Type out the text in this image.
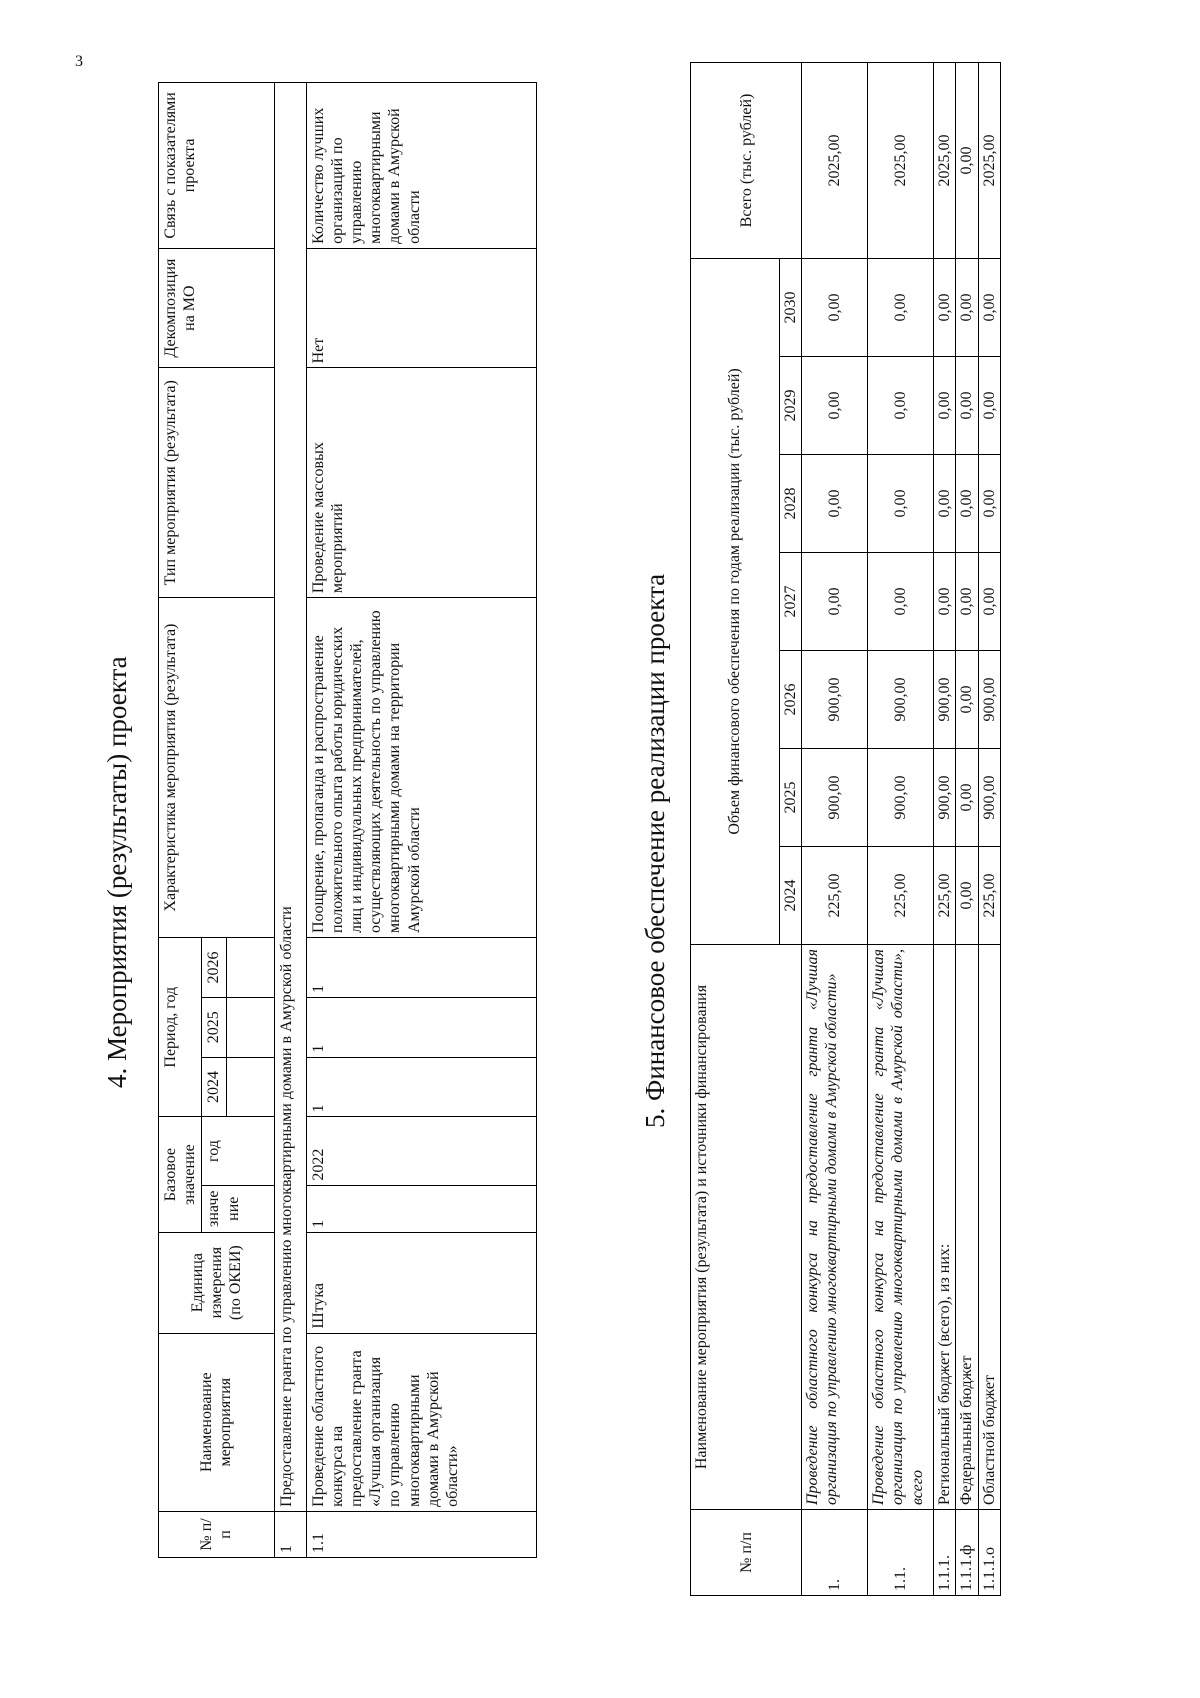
3
4. Мероприятия (результаты) проекта
№ п/п	Наименование мероприятия	Единица измерения (по ОКЕИ)	Базовое значение		Период, год			Характеристика мероприятия (результата)	Тип мероприятия (результата)	Декомпозиция на МО	Связь с показателями проекта
			значе ние	год	2024	2025	2026				

1	Предоставление гранта по управлению многоквартирными домами в Амурской области										
1.1	Проведение областного конкурса на предоставление гранта «Лучшая организация по управлению многоквартирными домами в Амурской области»	Штука	1	2022	1	1	1	Поощрение, пропаганда и распространение положительного опыта работы юридических лиц и индивидуальных предпринимателей, осуществляющих деятельность по управлению многоквартирными домами на территории Амурской области	Проведение массовых мероприятий	Нет	Количество лучших организаций по управлению многоквартирными домами в Амурской области
5. Финансовое обеспечение реализации проекта
№ п/п	Наименование мероприятия (результата) и источники финансирования	Объем финансового обеспечения по годам реализации (тыс. рублей)							Всего (тыс. рублей)
		2024	2025	2026	2027	2028	2029	2030	
1.	Проведение областного конкурса на предоставление гранта «Лучшая организация по управлению многоквартирными домами в Амурской области»	225,00	900,00	900,00	0,00	0,00	0,00	0,00	2025,00
1.1.	Проведение областного конкурса на предоставление гранта «Лучшая организация по управлению многоквартирными домами в Амурской области», всего	225,00	900,00	900,00	0,00	0,00	0,00	0,00	2025,00
1.1.1.	Региональный бюджет (всего), из них:	225,00	900,00	900,00	0,00	0,00	0,00	0,00	2025,00
1.1.1.ф	Федеральный бюджет	0,00	0,00	0,00	0,00	0,00	0,00	0,00	0,00
1.1.1.о	Областной бюджет	225,00	900,00	900,00	0,00	0,00	0,00	0,00	2025,00
